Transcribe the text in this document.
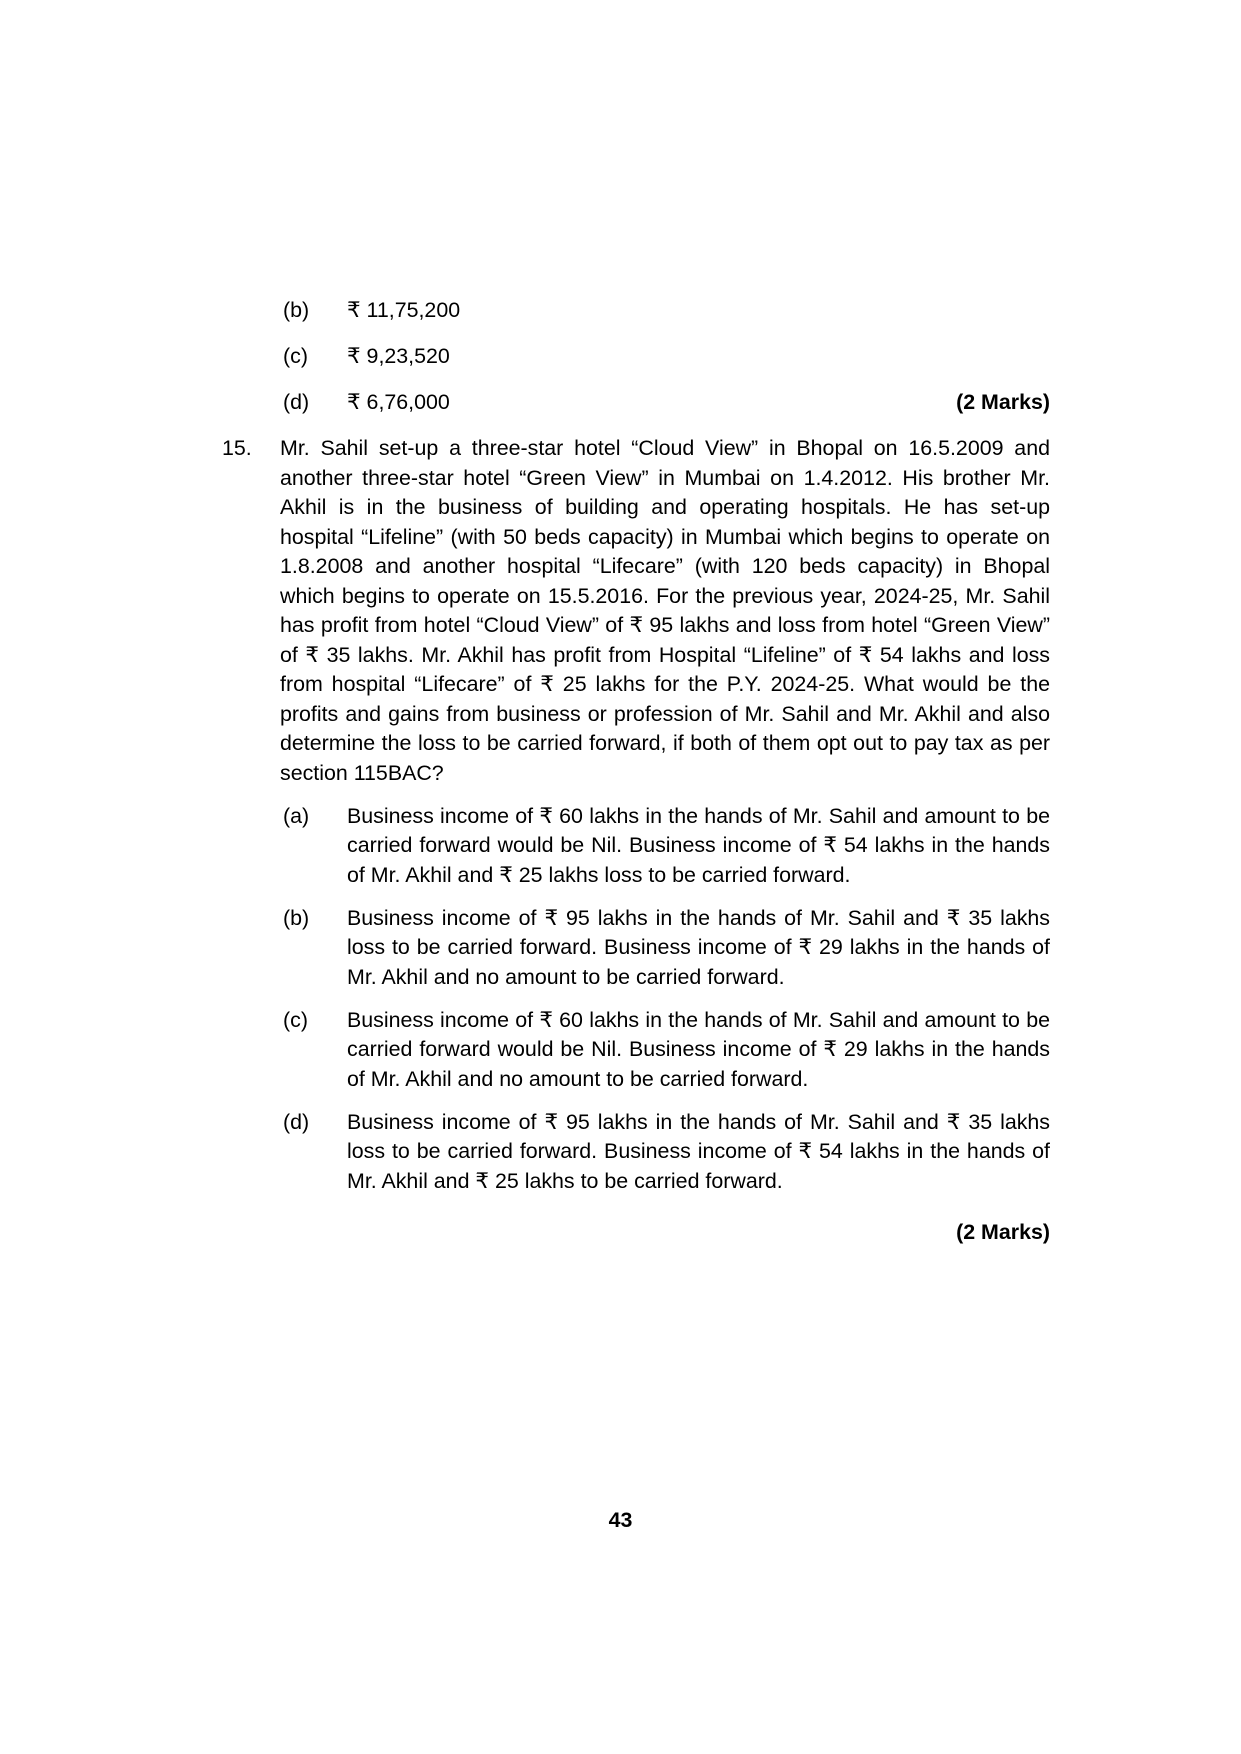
(b)	₹ 11,75,200
(c)	₹ 9,23,520
(d)	₹ 6,76,000	(2 Marks)
15.	Mr. Sahil set-up a three-star hotel “Cloud View” in Bhopal on 16.5.2009 and another three-star hotel “Green View” in Mumbai on 1.4.2012. His brother Mr. Akhil is in the business of building and operating hospitals. He has set-up hospital “Lifeline” (with 50 beds capacity) in Mumbai which begins to operate on 1.8.2008 and another hospital “Lifecare” (with 120 beds capacity) in Bhopal which begins to operate on 15.5.2016. For the previous year, 2024-25, Mr. Sahil has profit from hotel “Cloud View” of ₹ 95 lakhs and loss from hotel “Green View” of ₹ 35 lakhs. Mr. Akhil has profit from Hospital “Lifeline” of ₹ 54 lakhs and loss from hospital “Lifecare” of ₹ 25 lakhs for the P.Y. 2024-25. What would be the profits and gains from business or profession of Mr. Sahil and Mr. Akhil and also determine the loss to be carried forward, if both of them opt out to pay tax as per section 115BAC?

(a)	Business income of ₹ 60 lakhs in the hands of Mr. Sahil and amount to be carried forward would be Nil. Business income of ₹ 54 lakhs in the hands of Mr. Akhil and ₹ 25 lakhs loss to be carried forward.
(b)	Business income of ₹ 95 lakhs in the hands of Mr. Sahil and ₹ 35 lakhs loss to be carried forward. Business income of ₹ 29 lakhs in the hands of Mr. Akhil and no amount to be carried forward.
(c)	Business income of ₹ 60 lakhs in the hands of Mr. Sahil and amount to be carried forward would be Nil. Business income of ₹ 29 lakhs in the hands of Mr. Akhil and no amount to be carried forward.
(d)	Business income of ₹ 95 lakhs in the hands of Mr. Sahil and ₹ 35 lakhs loss to be carried forward. Business income of ₹ 54 lakhs in the hands of Mr. Akhil and ₹ 25 lakhs to be carried forward.
(2 Marks)
43
